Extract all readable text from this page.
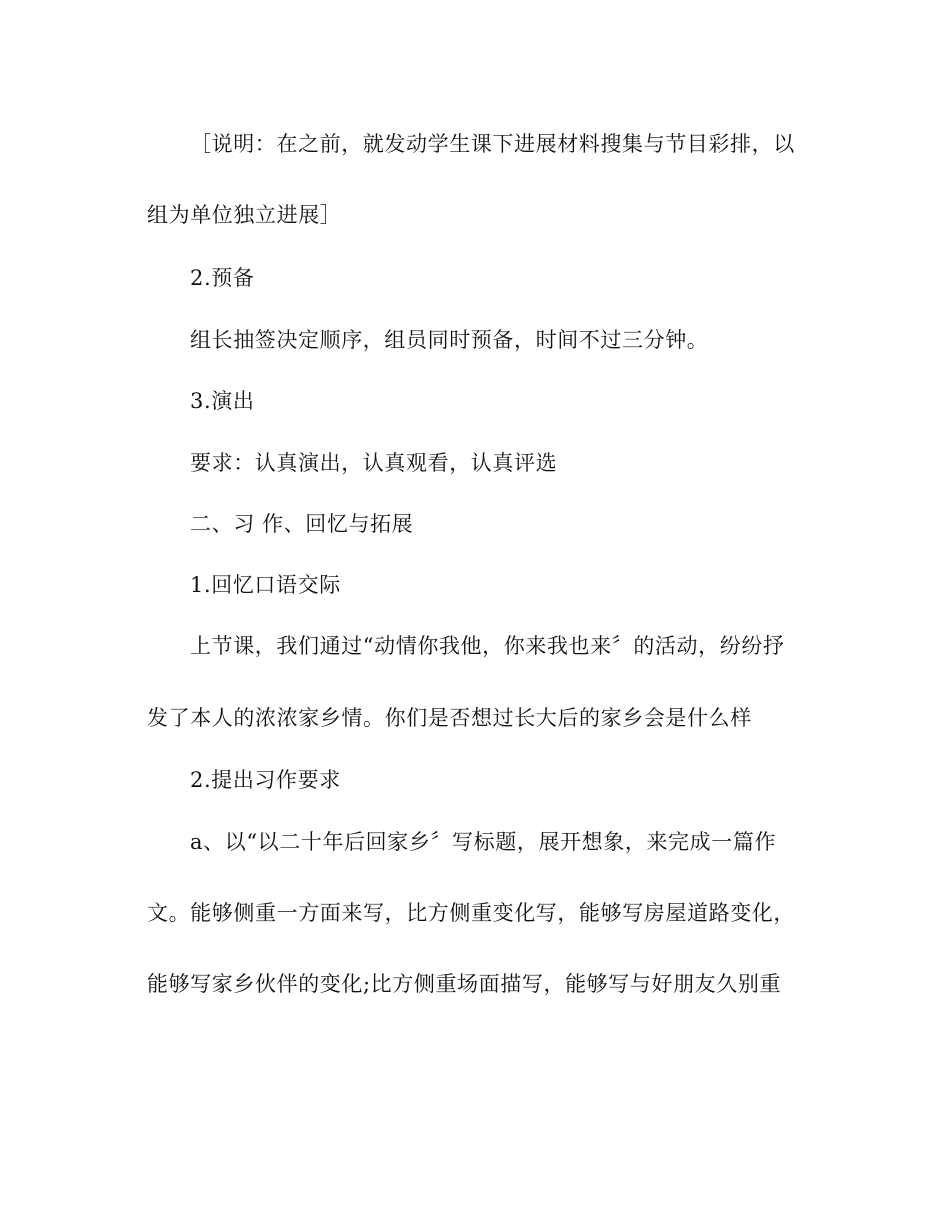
［说明：在之前，就发动学生课下进展材料搜集与节目彩排，以
组为单位独立进展］
2.预备
组长抽签决定顺序，组员同时预备，时间不过三分钟。
3.演出
要求：认真演出，认真观看，认真评选
二、习 作、回忆与拓展
1.回忆口语交际
上节课，我们通过“动情你我他，你来我也来〞的活动，纷纷抒
发了本人的浓浓家乡情。你们是否想过长大后的家乡会是什么样
2.提出习作要求
a、以“以二十年后回家乡〞写标题，展开想象，来完成一篇作
文。能够侧重一方面来写，比方侧重变化写，能够写房屋道路变化，
能够写家乡伙伴的变化;比方侧重场面描写，能够写与好朋友久别重
